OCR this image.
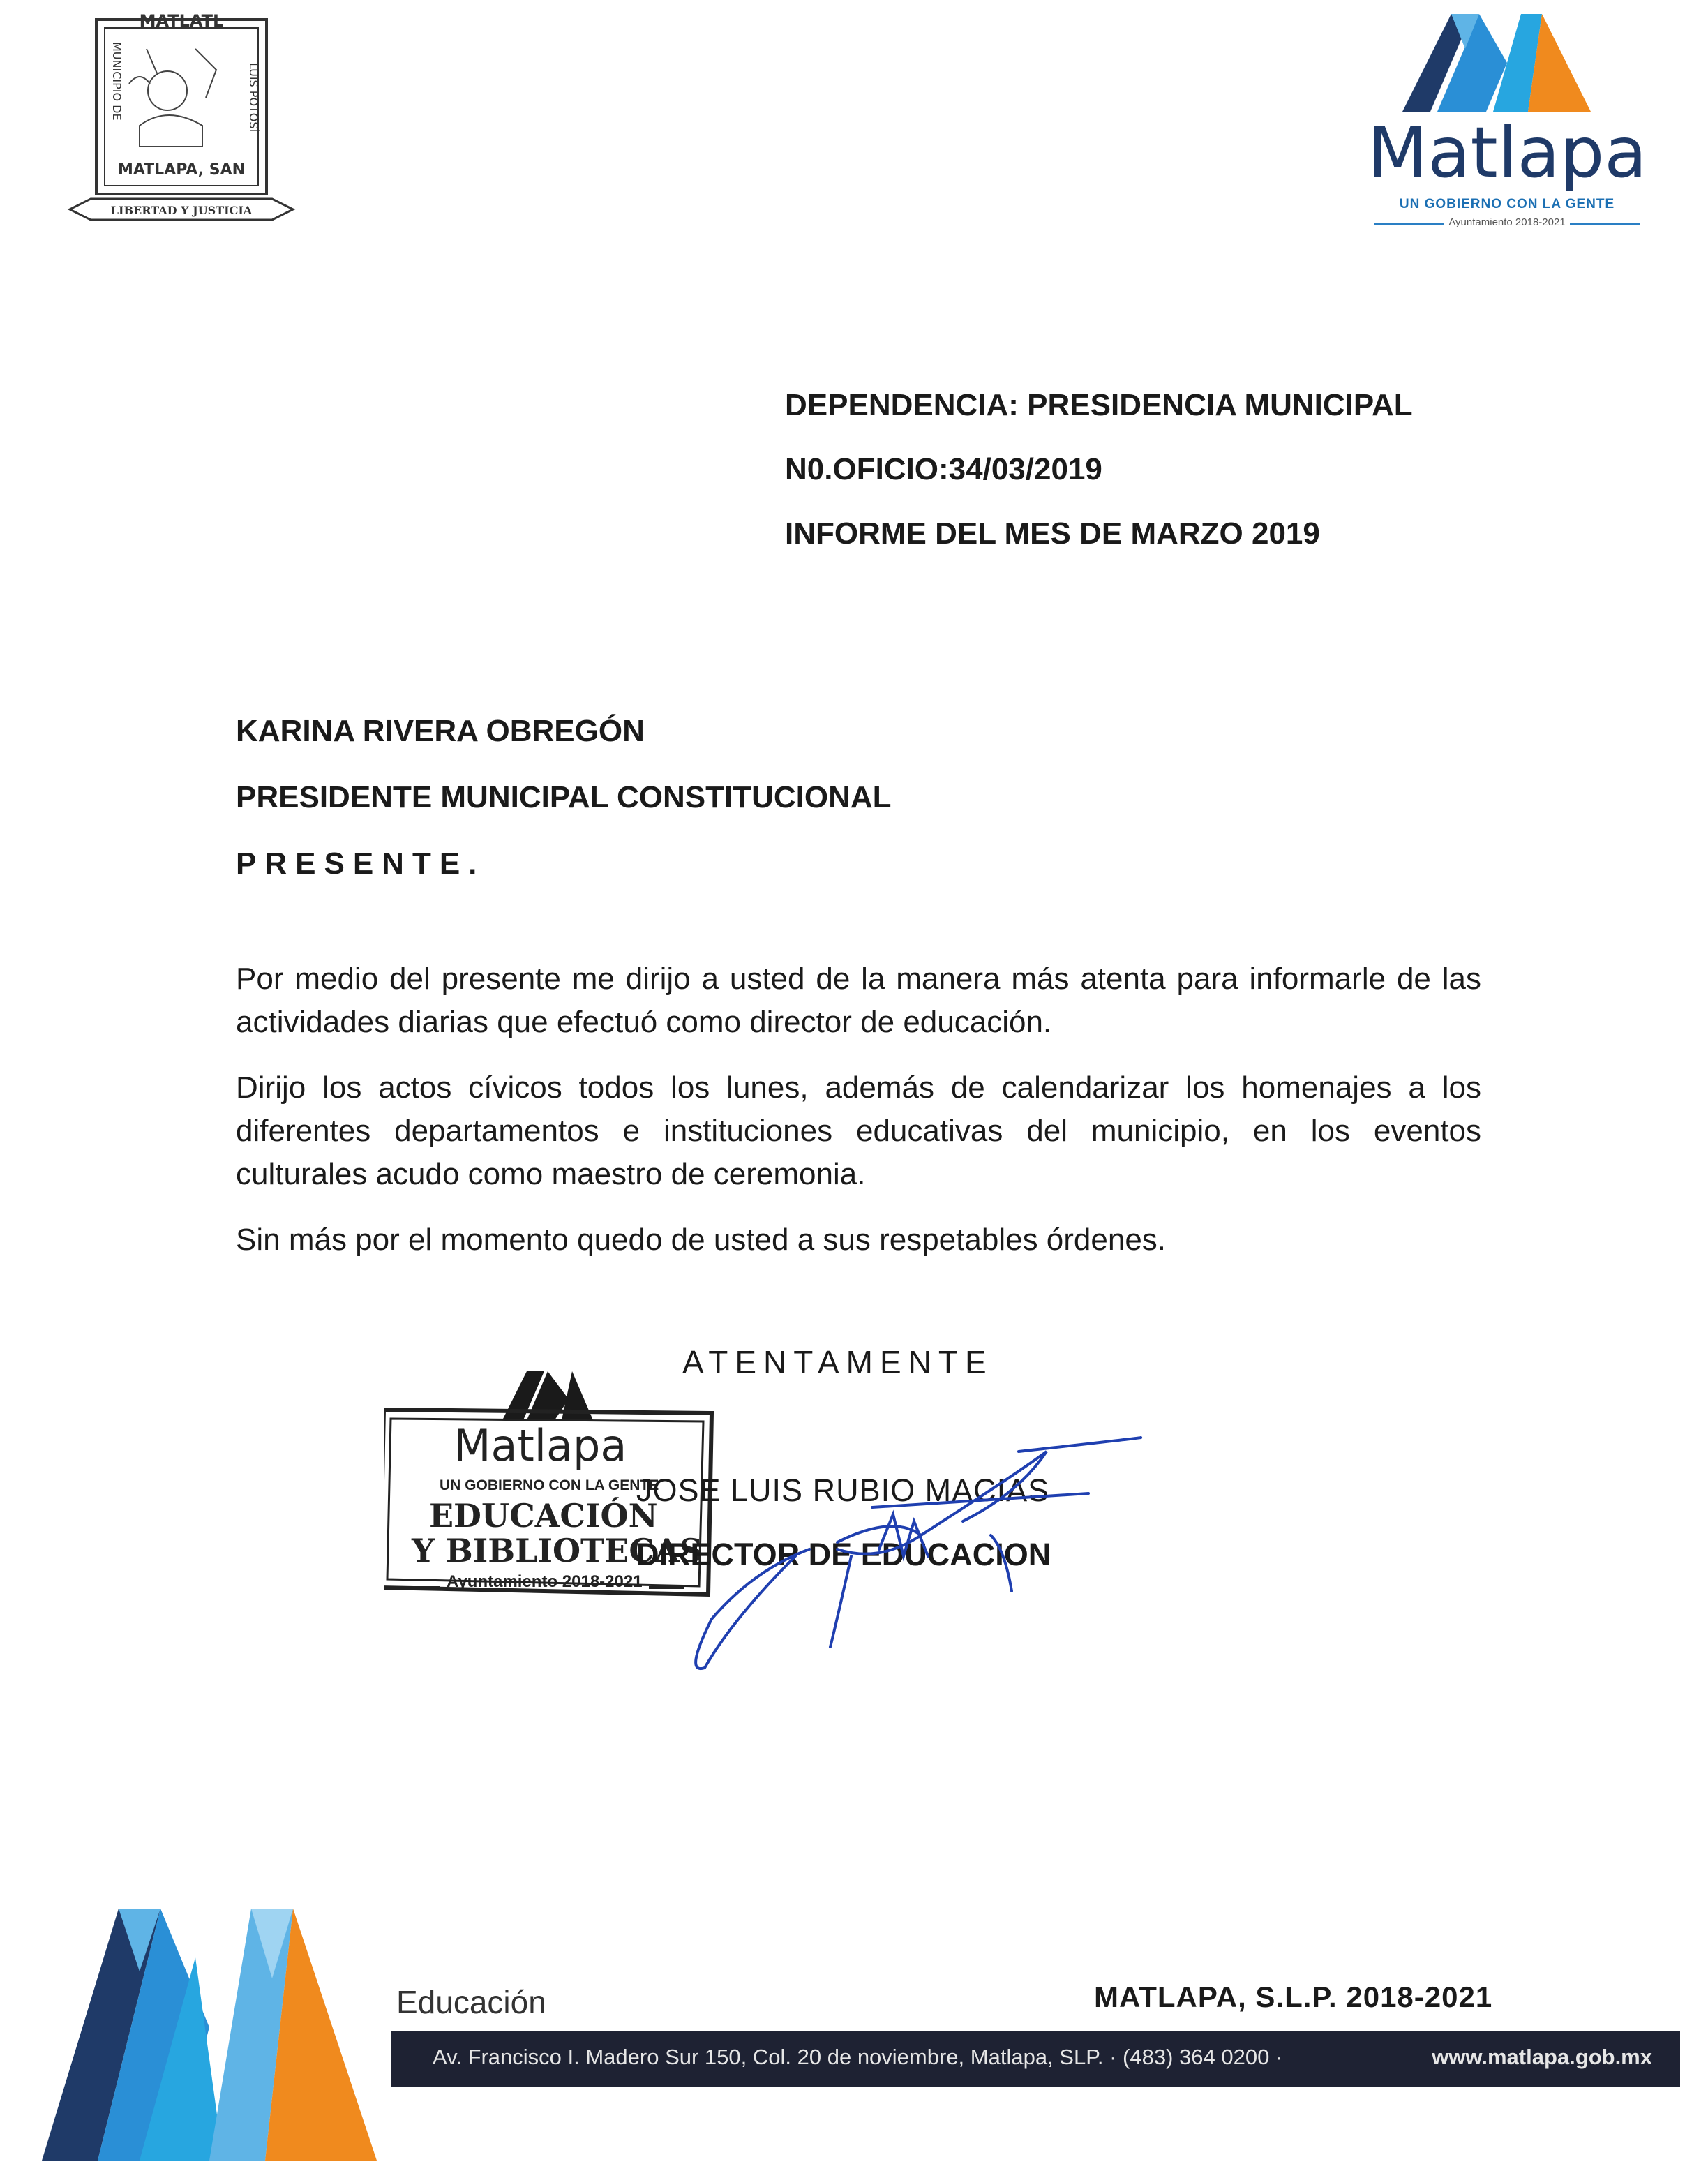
MATLATL
MUNICIPIO DE	LUIS POTOSÍ
MATLAPA, SAN
LIBERTAD Y JUSTICIA
Matlapa
UN GOBIERNO CON LA GENTE
Ayuntamiento 2018-2021
DEPENDENCIA: PRESIDENCIA MUNICIPAL
N0.OFICIO:34/03/2019
INFORME DEL MES DE MARZO 2019
KARINA RIVERA OBREGÓN
PRESIDENTE MUNICIPAL CONSTITUCIONAL
PRESENTE.

Por medio del presente me dirijo a usted de la manera más atenta para informarle de las actividades diarias que efectuó como director de educación.

Dirijo los actos cívicos todos los lunes, además de calendarizar los homenajes a los diferentes departamentos e instituciones educativas del municipio, en los eventos culturales acudo como maestro de ceremonia.

Sin más por el momento quedo de usted a sus respetables órdenes.

ATENTAMENTE
Matlapa
UN GOBIERNO CON LA GENTE
EDUCACIÓN
Y BIBLIOTECAS
Ayuntamiento 2018-2021
JOSE LUIS RUBIO MACIAS
DIRECTOR DE EDUCACION
Educación	MATLAPA, S.L.P. 2018-2021
Av. Francisco I. Madero Sur 150, Col. 20 de noviembre, Matlapa, SLP. · (483) 364 0200 ·	www.matlapa.gob.mx
